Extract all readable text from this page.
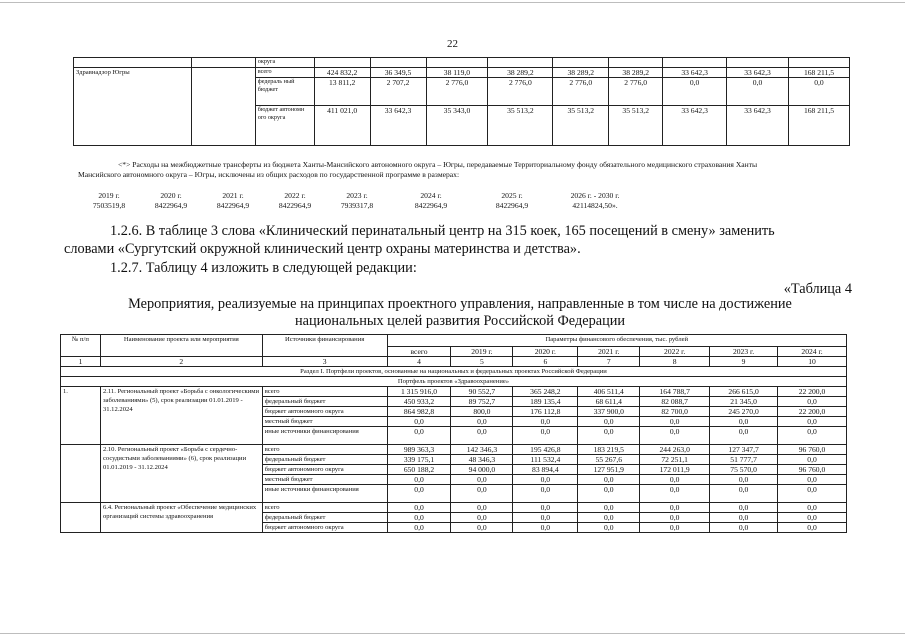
22
		округа									
Здравнадзор Югры		всего	424 832,2	36 349,5	38 119,0	38 289,2	38 289,2	38 289,2	33 642,3	33 642,3	168 211,5
		федераль ный бюджет	13 811,2	2 707,2	2 776,0	2 776,0	2 776,0	2 776,0	0,0	0,0	0,0
		бюджет автономн ого округа	411 021,0	33 642,3	35 343,0	35 513,2	35 513,2	35 513,2	33 642,3	33 642,3	168 211,5
<*> Расходы на межбюджетные трансферты из бюджета Ханты-Мансийского автономного округа – Югры, передаваемые Территориальному фонду обязательного медицинского страхования Ханты
Мансийского автономного округа – Югры, исключены из общих расходов по государственной программе в размерах:
2019 г.
7503519,8
2020 г.
8422964,9
2021 г.
8422964,9
2022 г.
8422964,9
2023 г.
7939317,8
2024 г.
8422964,9
2025 г.
8422964,9
2026 г. - 2030 г.
42114824,50».
1.2.6. В таблице 3 слова «Клинический перинатальный центр на 315 коек, 165 посещений в смену» заменить
словами «Сургутский окружной клинический центр охраны материнства и детства».
1.2.7. Таблицу 4 изложить в следующей редакции:
«Таблица 4
Мероприятия, реализуемые на принципах проектного управления, направленные в том числе на достижение
национальных целей развития Российской Федерации
№ п/п	Наименование проекта или мероприятия	Источники финансирования	Параметры финансового обеспечения, тыс. рублей						
			всего	2019 г.	2020 г.	2021 г.	2022 г.	2023 г.	2024 г.
1	2	3	4	5	6	7	8	9	10
Раздел I. Портфели проектов, основанные на национальных и федеральных проектах Российской Федерации									
Портфель проектов «Здравоохранение»									
1.	2.11. Региональный проект «Борьба с онкологическими заболеваниями» (5), срок реализации 01.01.2019 - 31.12.2024	всего	1 315 916,0	90 552,7	365 248,2	406 511,4	164 788,7	266 615,0	22 200,0
		федеральный бюджет	450 933,2	89 752,7	189 135,4	68 611,4	82 088,7	21 345,0	0,0
		бюджет автономного округа	864 982,8	800,0	176 112,8	337 900,0	82 700,0	245 270,0	22 200,0
		местный бюджет	0,0	0,0	0,0	0,0	0,0	0,0	0,0
		иные источники финансирования	0,0	0,0	0,0	0,0	0,0	0,0	0,0
	2.10. Региональный проект «Борьба с сердечно-сосудистыми заболеваниями» (6), срок реализации 01.01.2019 - 31.12.2024	всего	989 363,3	142 346,3	195 426,8	183 219,5	244 263,0	127 347,7	96 760,0
		федеральный бюджет	339 175,1	48 346,3	111 532,4	55 267,6	72 251,1	51 777,7	0,0
		бюджет автономного округа	650 188,2	94 000,0	83 894,4	127 951,9	172 011,9	75 570,0	96 760,0
		местный бюджет	0,0	0,0	0,0	0,0	0,0	0,0	0,0
		иные источники финансирования	0,0	0,0	0,0	0,0	0,0	0,0	0,0
	6.4. Региональный проект «Обеспечение медицинских организаций системы здравоохранения	всего	0,0	0,0	0,0	0,0	0,0	0,0	0,0
		федеральный бюджет	0,0	0,0	0,0	0,0	0,0	0,0	0,0
		бюджет автономного округа	0,0	0,0	0,0	0,0	0,0	0,0	0,0
